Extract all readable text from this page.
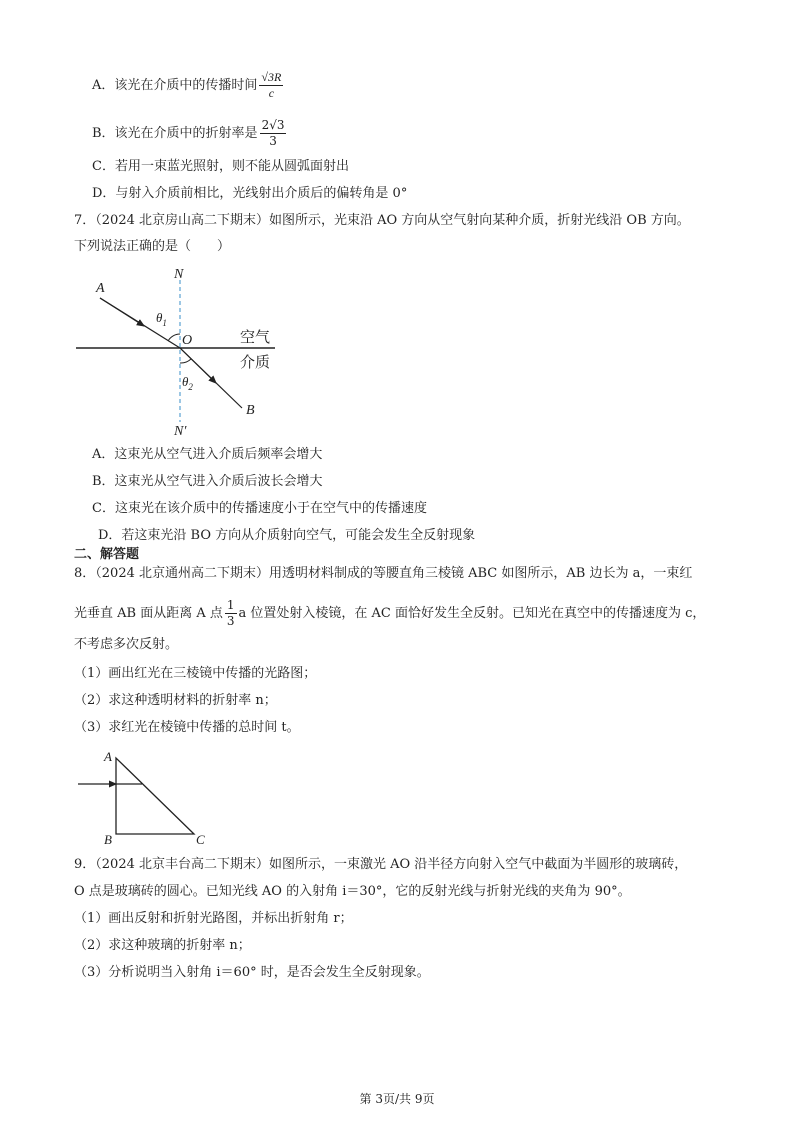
A．该光在介质中的传播时间 $\frac{√3R}{c}$
B．该光在介质中的折射率是 $\frac{2√3}{3}$
C．若用一束蓝光照射，则不能从圆弧面射出
D．与射入介质前相比，光线射出介质后的偏转角是 0°
7．（2024 北京房山高二下期末）如图所示，光束沿 AO 方向从空气射向某种介质，折射光线沿 OB 方向。
下列说法正确的是（　　）
N
N′
A
O
B
$\theta_1$
$\theta_2$
空气
介质
A．这束光从空气进入介质后频率会增大
B．这束光从空气进入介质后波长会增大
C．这束光在该介质中的传播速度小于在空气中的传播速度
D．若这束光沿 BO 方向从介质射向空气，可能会发生全反射现象
二、解答题
8．（2024 北京通州高二下期末）用透明材料制成的等腰直角三棱镜 ABC 如图所示，AB 边长为 a，一束红
光垂直 AB 面从距离 A 点 $\frac{1}{3}$ a 位置处射入棱镜，在 AC 面恰好发生全反射。已知光在真空中的传播速度为 c，
不考虑多次反射。
（1）画出红光在三棱镜中传播的光路图；
（2）求这种透明材料的折射率 n；
（3）求红光在棱镜中传播的总时间 t。
A
B	C
9．（2024 北京丰台高二下期末）如图所示，一束激光 AO 沿半径方向射入空气中截面为半圆形的玻璃砖，
O 点是玻璃砖的圆心。已知光线 AO 的入射角 i＝30°，它的反射光线与折射光线的夹角为 90°。
（1）画出反射和折射光路图，并标出折射角 r；
（2）求这种玻璃的折射率 n；
（3）分析说明当入射角 i＝60° 时，是否会发生全反射现象。
第 3页/共 9页
